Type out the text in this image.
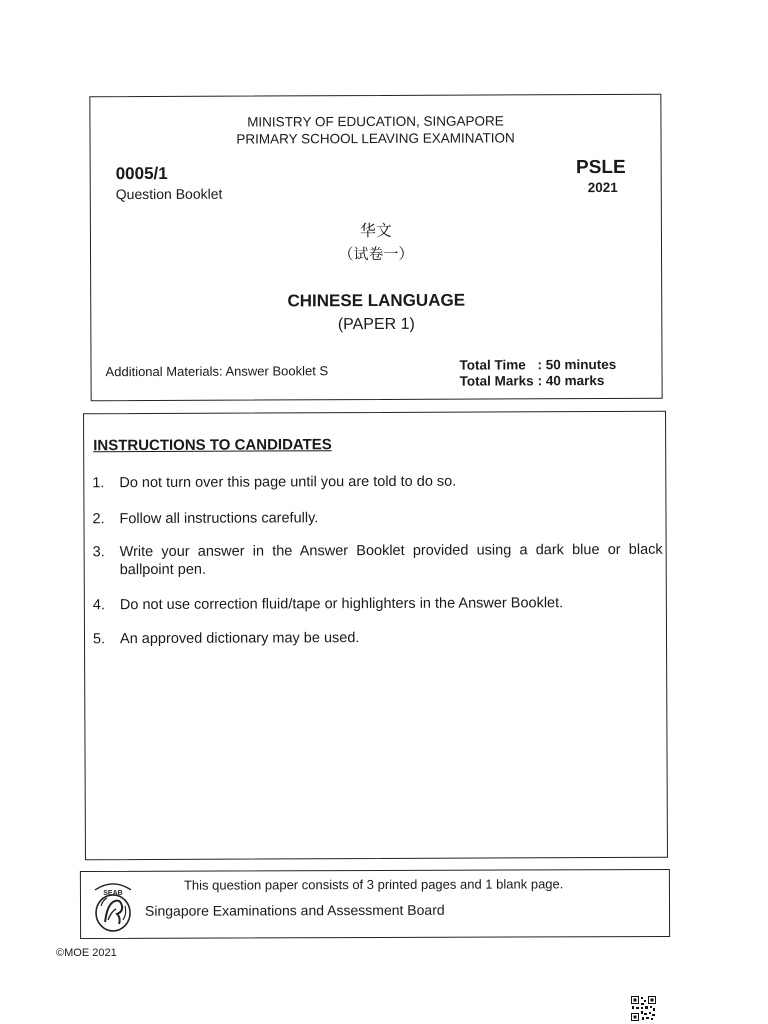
MINISTRY OF EDUCATION, SINGAPORE
PRIMARY SCHOOL LEAVING EXAMINATION
0005/1
Question Booklet
PSLE
2021
华文
（试卷一）
CHINESE LANGUAGE
(PAPER 1)
Additional Materials: Answer Booklet S	Total Time : 50 minutes
Total Marks : 40 marks
INSTRUCTIONS TO CANDIDATES
1. Do not turn over this page until you are told to do so.
2. Follow all instructions carefully.
3. Write your answer in the Answer Booklet provided using a dark blue or black ballpoint pen.
4. Do not use correction fluid/tape or highlighters in the Answer Booklet.
5. An approved dictionary may be used.
SEAB
This question paper consists of 3 printed pages and 1 blank page.
Singapore Examinations and Assessment Board
©MOE 2021
